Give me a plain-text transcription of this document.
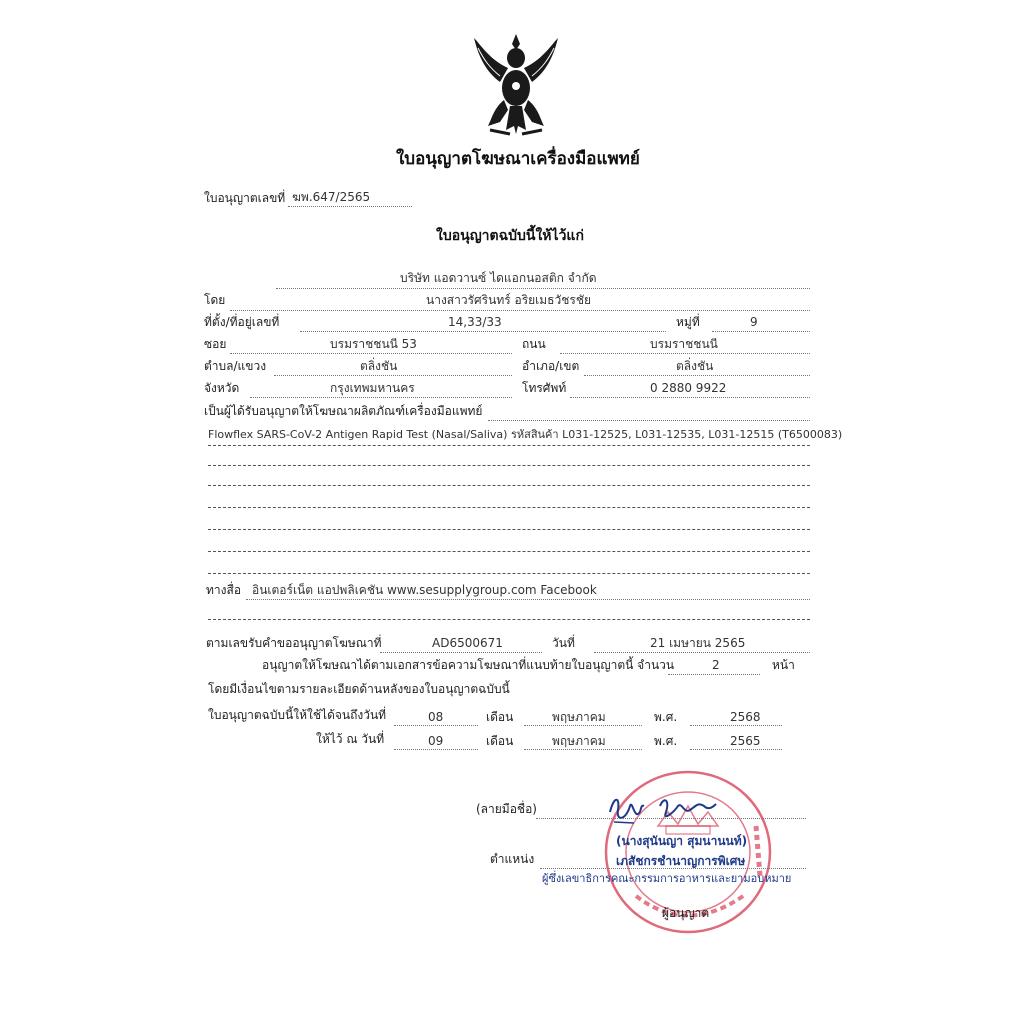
ใบอนุญาตโฆษณาเครื่องมือแพทย์
ใบอนุญาตเลขที่ ฆพ.647/2565
ใบอนุญาตฉบับนี้ให้ไว้แก่
บริษัท แอดวานซ์ ไดแอกนอสติก จำกัด
โดย	นางสาวรัศรินทร์ อริยเมธวัชรชัย
ที่ตั้ง/ที่อยู่เลขที่	14,33/33	หมู่ที่	9
ซอย	บรมราชชนนี 53	ถนน	บรมราชชนนี
ตำบล/แขวง	ตลิ่งชัน	อำเภอ/เขต	ตลิ่งชัน
จังหวัด	กรุงเทพมหานคร	โทรศัพท์	0 2880 9922
เป็นผู้ได้รับอนุญาตให้โฆษณาผลิตภัณฑ์เครื่องมือแพทย์
Flowflex SARS-CoV-2 Antigen Rapid Test (Nasal/Saliva) รหัสสินค้า L031-12525, L031-12535, L031-12515 (T6500083)
ทางสื่อ อินเตอร์เน็ต แอปพลิเคชัน www.sesupplygroup.com Facebook
ตามเลขรับคำขออนุญาตโฆษณาที่	AD6500671	วันที่	21 เมษายน 2565
อนุญาตให้โฆษณาได้ตามเอกสารข้อความโฆษณาที่แนบท้ายใบอนุญาตนี้ จำนวน	2	หน้า
โดยมีเงื่อนไขตามรายละเอียดด้านหลังของใบอนุญาตฉบับนี้
ใบอนุญาตฉบับนี้ให้ใช้ได้จนถึงวันที่	08	เดือน	พฤษภาคม	พ.ศ.	2568
ให้ไว้ ณ วันที่	09	เดือน	พฤษภาคม	พ.ศ.	2565
(ลายมือชื่อ)
(นางสุนันญา สุมนานนท์)
ตำแหน่ง	เภสัชกรชำนาญการพิเศษ
ผู้ซึ่งเลขาธิการคณะกรรมการอาหารและยามอบหมาย
ผู้อนุญาต
